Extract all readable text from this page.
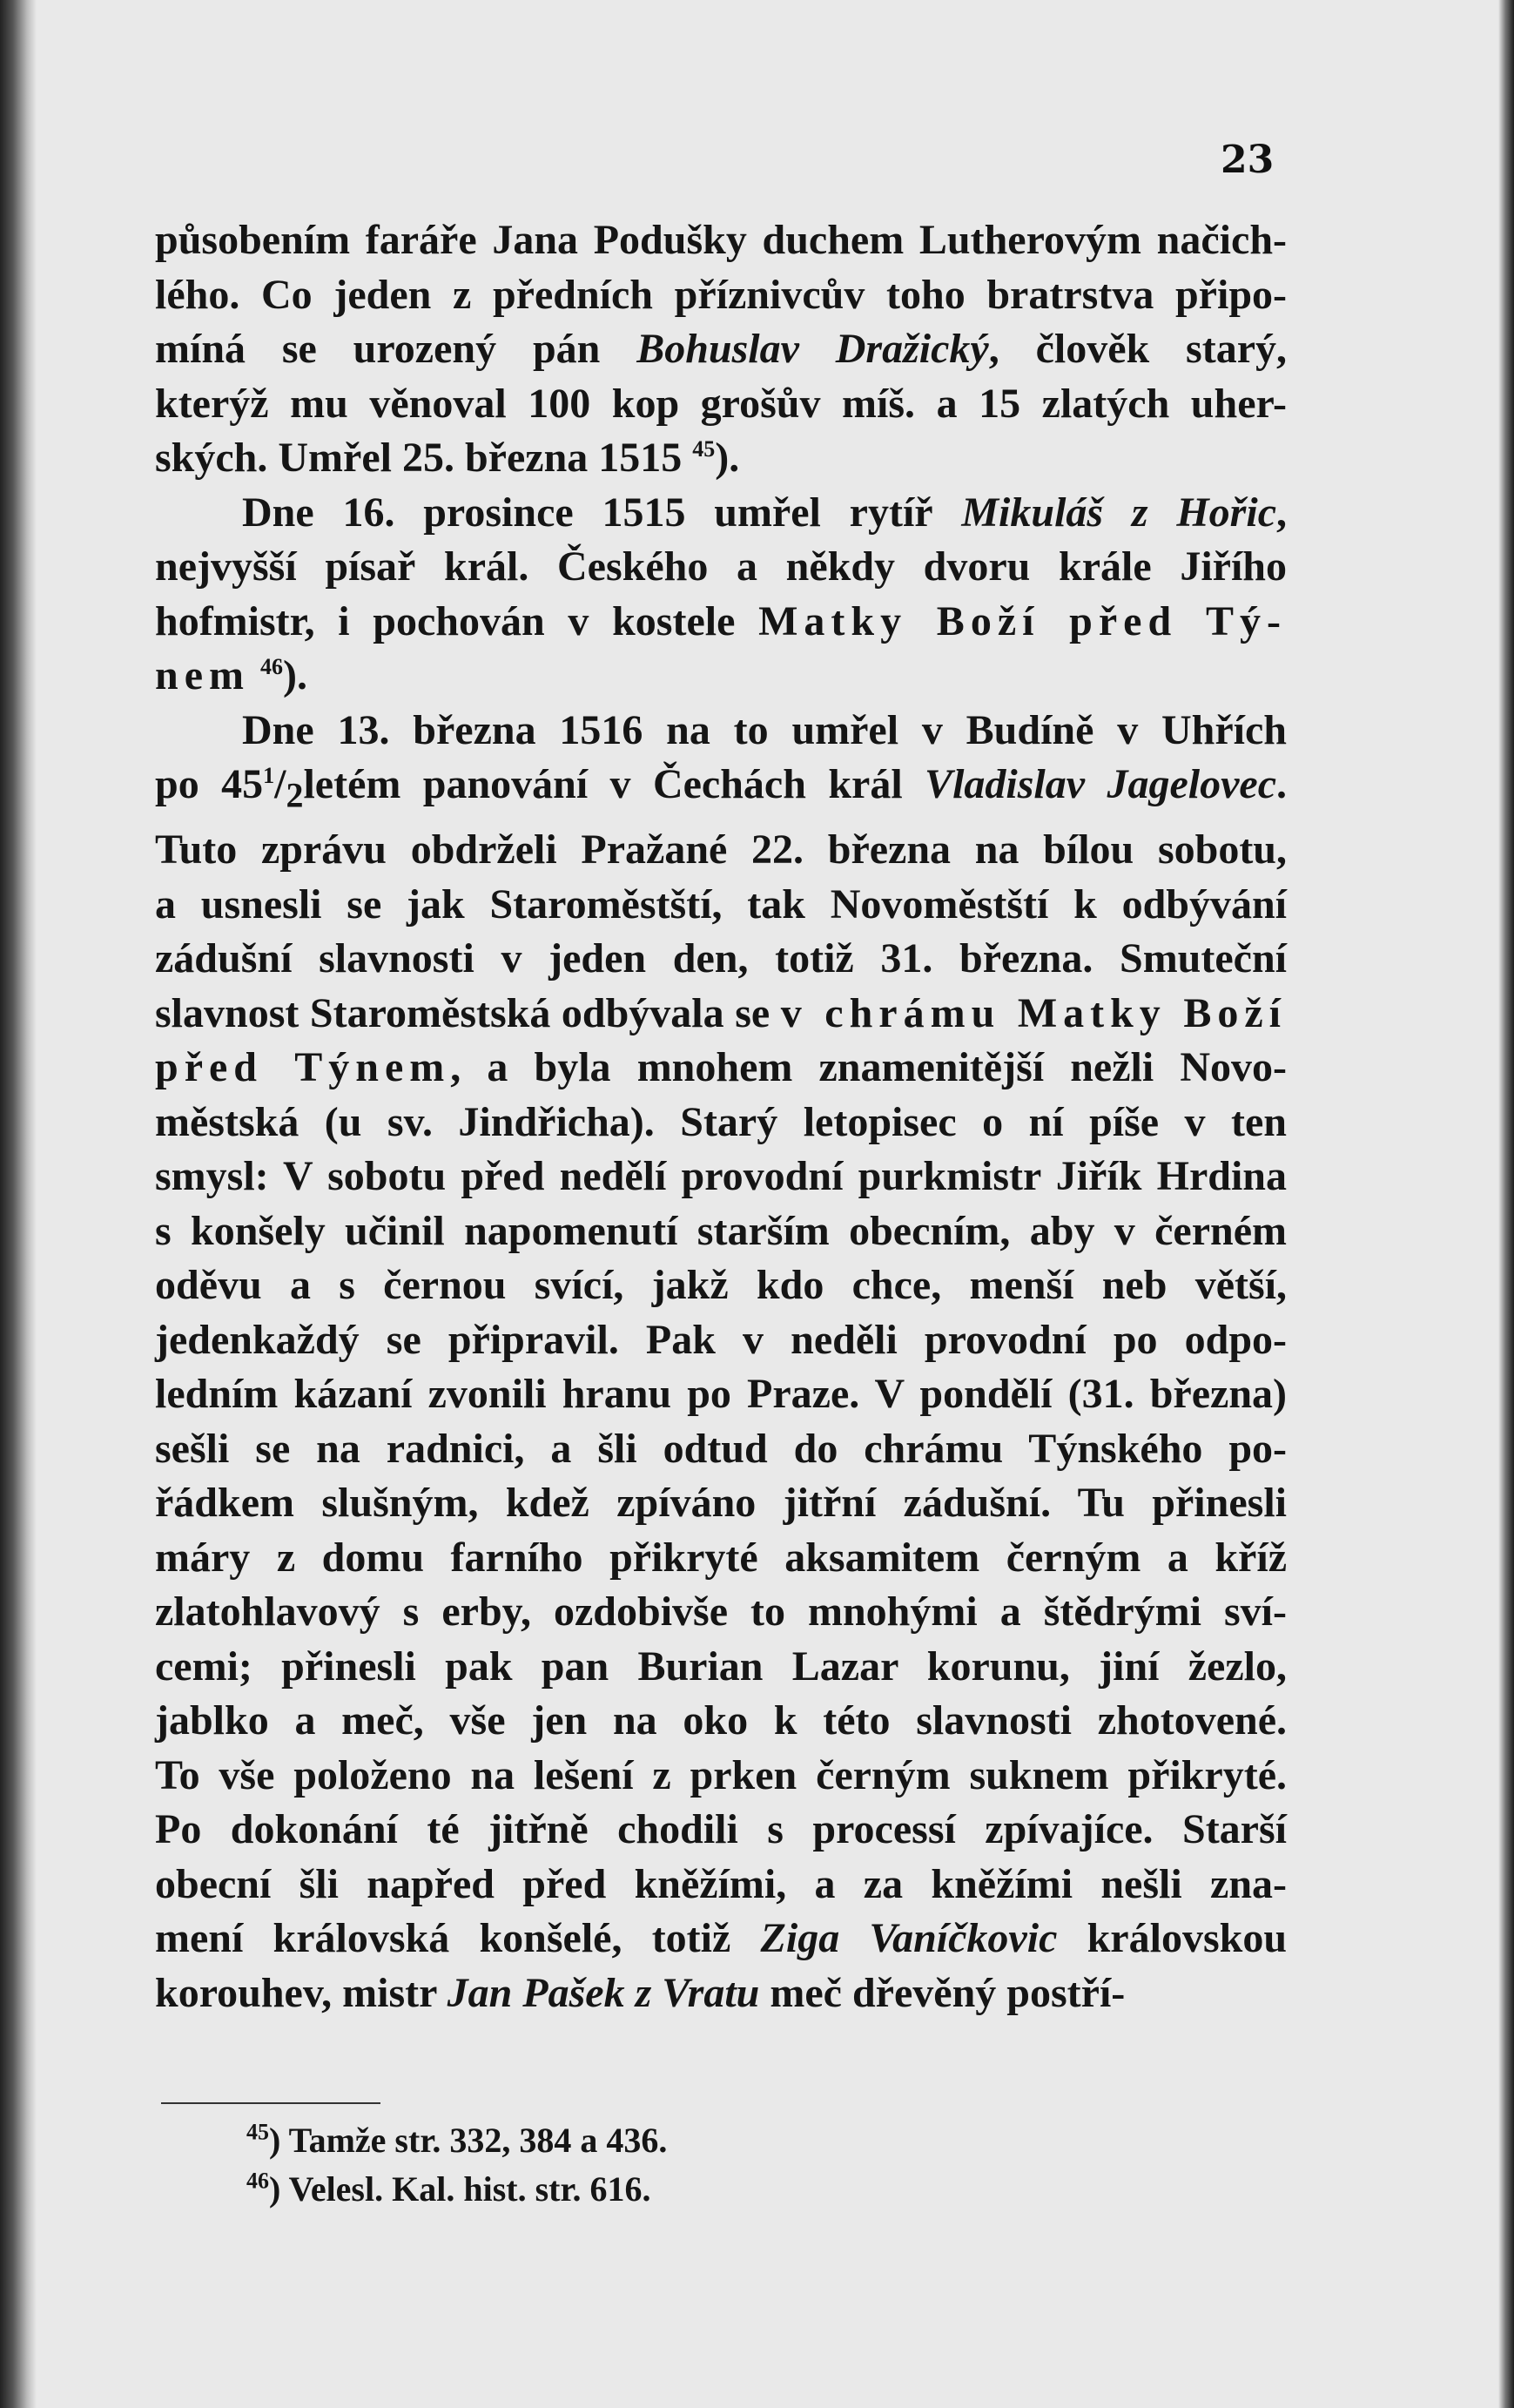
23
působením faráře Jana Podušky duchem Lutherovým načich-
lého. Co jeden z předních příznivcův toho bratrstva připo-
míná se urozený pán Bohuslav Dražický, člověk starý,
kterýž mu věnoval 100 kop grošův míš. a 15 zlatých uher-
ských. Umřel 25. března 1515 $^{45}$).
Dne 16. prosince 1515 umřel rytíř Mikuláš z Hořic,
nejvyšší písař král. Českého a někdy dvoru krále Jiřího
hofmistr, i pochován v kostele Matky Boží před Tý-
nem $^{46}$).
Dne 13. března 1516 na to umřel v Budíně v Uhřích
po $45^1/_2letém$ panování v Čechách král Vladislav Jagelovec.
Tuto zprávu obdrželi Pražané 22. března na bílou sobotu,
a usnesli se jak Staroměstští, tak Novoměstští k odbývání
zádušní slavnosti v jeden den, totiž 31. března. Smuteční
slavnost Staroměstská odbývala se v chrámu Matky Boží
před Týnem, a byla mnohem znamenitější nežli Novo-
městská (u sv. Jindřicha). Starý letopisec o ní píše v ten
smysl: V sobotu před nedělí provodní purkmistr Jiřík Hrdina
s konšely učinil napomenutí starším obecním, aby v černém
oděvu a s černou svící, jakž kdo chce, menší neb větší,
jedenkaždý se připravil. Pak v neděli provodní po odpo-
ledním kázaní zvonili hranu po Praze. V pondělí (31. března)
sešli se na radnici, a šli odtud do chrámu Týnského po-
řádkem slušným, kdež zpíváno jitřní zádušní. Tu přinesli
máry z domu farního přikryté aksamitem černým a kříž
zlatohlavový s erby, ozdobivše to mnohými a štědrými sví-
cemi; přinesli pak pan Burian Lazar korunu, jiní žezlo,
jablko a meč, vše jen na oko k této slavnosti zhotovené.
To vše položeno na lešení z prken černým suknem přikryté.
Po dokonání té jitřně chodili s processí zpívajíce. Starší
obecní šli napřed před kněžími, a za kněžími nešli zna-
mení královská konšelé, totiž Ziga Vaníčkovic královskou
korouhev, mistr Jan Pašek z Vratu meč dřevěný postří-
$^{45}$) Tamže str. 332, 384 a 436.
$^{46}$) Velesl. Kal. hist. str. 616.
